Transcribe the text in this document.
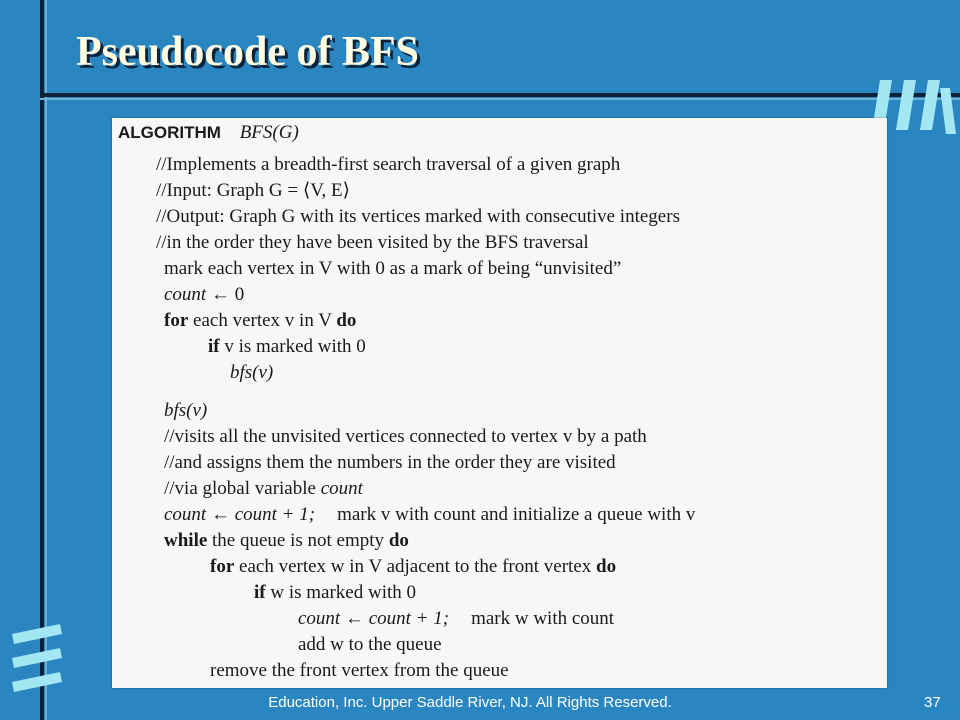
Pseudocode of BFS
ALGORITHM BFS(G)
//Implements a breadth-first search traversal of a given graph
//Input: Graph G = ⟨V, E⟩
//Output: Graph G with its vertices marked with consecutive integers
//in the order they have been visited by the BFS traversal
mark each vertex in V with 0 as a mark of being “unvisited”
count ← 0
for each vertex v in V do
if v is marked with 0
bfs(v)
bfs(v)
//visits all the unvisited vertices connected to vertex v by a path
//and assigns them the numbers in the order they are visited
//via global variable count
count ← count + 1; mark v with count and initialize a queue with v
while the queue is not empty do
for each vertex w in V adjacent to the front vertex do
if w is marked with 0
count ← count + 1; mark w with count
add w to the queue
remove the front vertex from the queue
Education, Inc. Upper Saddle River, NJ. All Rights Reserved.	37
